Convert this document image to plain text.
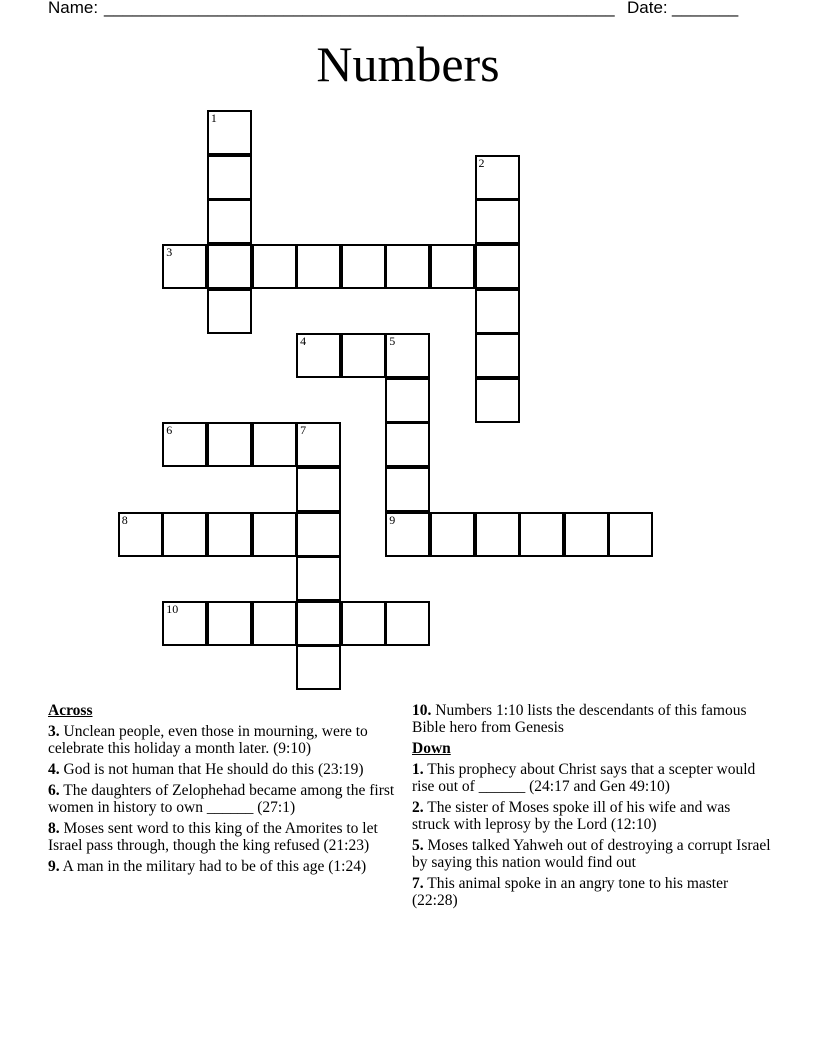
Name: ______________________________________________________ Date: _______
Numbers
1
2
3
4	5
9
6	7
8
10
Across
3. Unclean people, even those in mourning, were to celebrate this holiday a month later. (9:10)
4. God is not human that He should do this (23:19)
6. The daughters of Zelophehad became among the first women in history to own ______ (27:1)
8. Moses sent word to this king of the Amorites to let Israel pass through, though the king refused (21:23)
9. A man in the military had to be of this age (1:24)
10. Numbers 1:10 lists the descendants of this famous Bible hero from Genesis
Down
1. This prophecy about Christ says that a scepter would rise out of ______ (24:17 and Gen 49:10)
2. The sister of Moses spoke ill of his wife and was struck with leprosy by the Lord (12:10)
5. Moses talked Yahweh out of destroying a corrupt Israel by saying this nation would find out
7. This animal spoke in an angry tone to his master (22:28)
